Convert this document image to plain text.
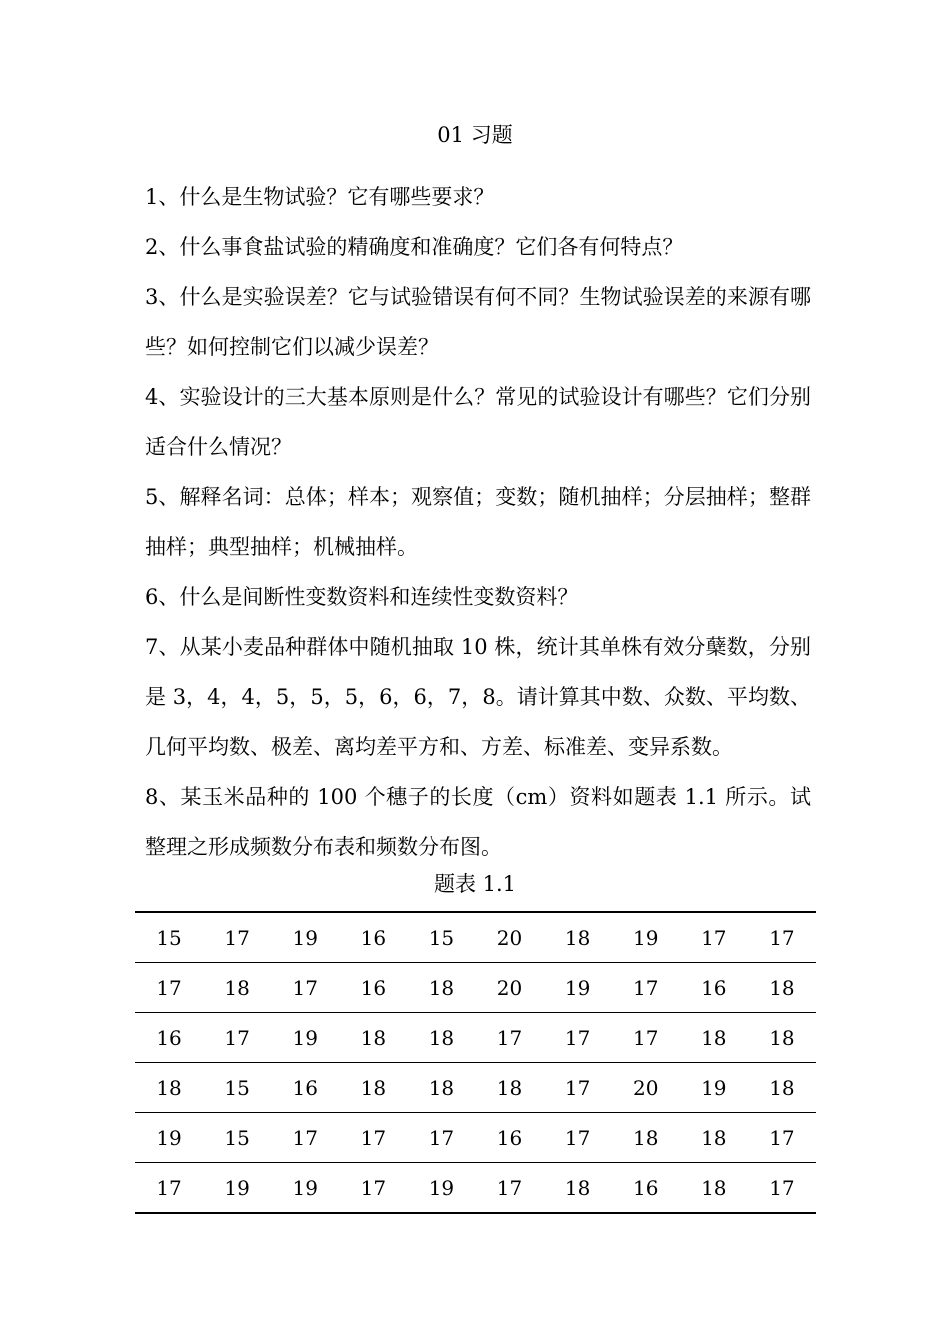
01 习题

1、什么是生物试验？它有哪些要求？

2、什么事食盐试验的精确度和准确度？它们各有何特点？

3、什么是实验误差？它与试验错误有何不同？生物试验误差的来源有哪些？如何控制它们以减少误差？

4、实验设计的三大基本原则是什么？常见的试验设计有哪些？它们分别适合什么情况？

5、解释名词：总体；样本；观察值；变数；随机抽样；分层抽样；整群抽样；典型抽样；机械抽样。

6、什么是间断性变数资料和连续性变数资料？

7、从某小麦品种群体中随机抽取 10 株，统计其单株有效分蘖数，分别是 3，4，4，5，5，5，6，6，7，8。请计算其中数、众数、平均数、几何平均数、极差、离均差平方和、方差、标准差、变异系数。

8、某玉米品种的 100 个穗子的长度（cm）资料如题表 1.1 所示。试整理之形成频数分布表和频数分布图。

题表 1.1
15	17	19	16	15	20	18	19	17	17
17	18	17	16	18	20	19	17	16	18
16	17	19	18	18	17	17	17	18	18
18	15	16	18	18	18	17	20	19	18
19	15	17	17	17	16	17	18	18	17
17	19	19	17	19	17	18	16	18	17
